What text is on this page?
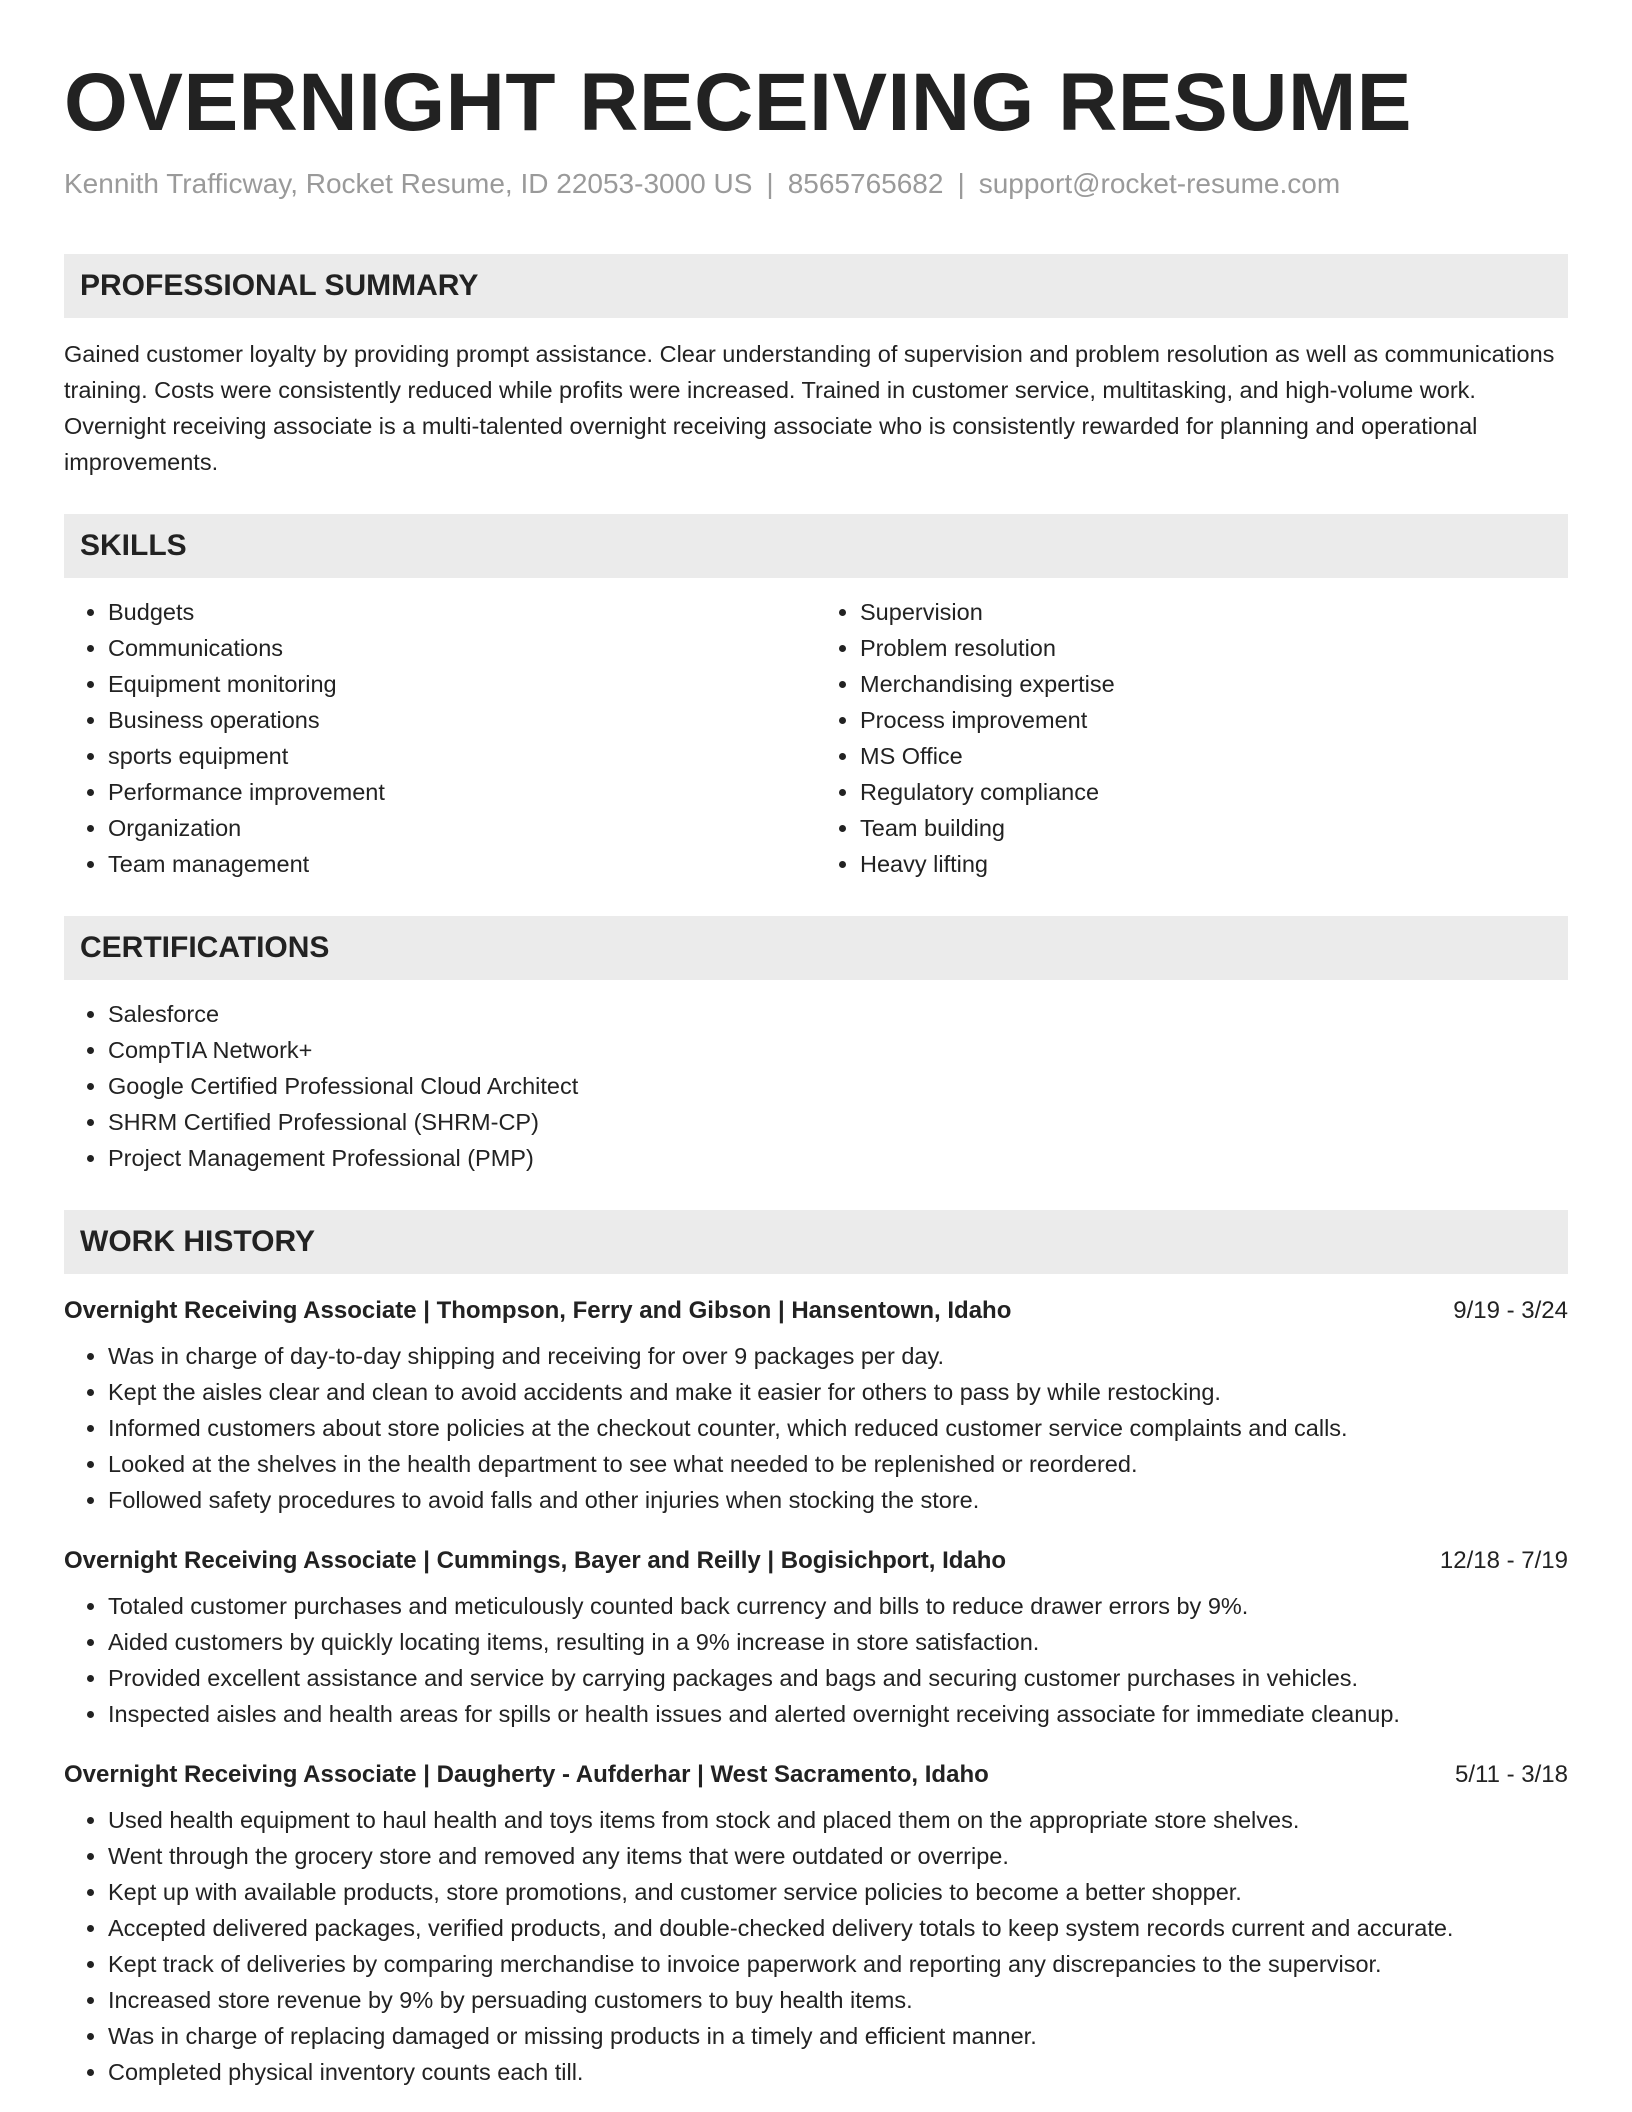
OVERNIGHT RECEIVING RESUME
Kennith Trafficway, Rocket Resume, ID 22053-3000 US | 8565765682 | support@rocket-resume.com
PROFESSIONAL SUMMARY

Gained customer loyalty by providing prompt assistance. Clear understanding of supervision and problem resolution as well as communications training. Costs were consistently reduced while profits were increased. Trained in customer service, multitasking, and high-volume work. Overnight receiving associate is a multi-talented overnight receiving associate who is consistently rewarded for planning and operational improvements.

SKILLS
• Budgets
• Communications
• Equipment monitoring
• Business operations
• sports equipment
• Performance improvement
• Organization
• Team management
• Supervision
• Problem resolution
• Merchandising expertise
• Process improvement
• MS Office
• Regulatory compliance
• Team building
• Heavy lifting
CERTIFICATIONS
• Salesforce
• CompTIA Network+
• Google Certified Professional Cloud Architect
• SHRM Certified Professional (SHRM-CP)
• Project Management Professional (PMP)
WORK HISTORY
Overnight Receiving Associate | Thompson, Ferry and Gibson | Hansentown, Idaho	9/19 - 3/24
• Was in charge of day-to-day shipping and receiving for over 9 packages per day.
• Kept the aisles clear and clean to avoid accidents and make it easier for others to pass by while restocking.
• Informed customers about store policies at the checkout counter, which reduced customer service complaints and calls.
• Looked at the shelves in the health department to see what needed to be replenished or reordered.
• Followed safety procedures to avoid falls and other injuries when stocking the store.
Overnight Receiving Associate | Cummings, Bayer and Reilly | Bogisichport, Idaho	12/18 - 7/19
• Totaled customer purchases and meticulously counted back currency and bills to reduce drawer errors by 9%.
• Aided customers by quickly locating items, resulting in a 9% increase in store satisfaction.
• Provided excellent assistance and service by carrying packages and bags and securing customer purchases in vehicles.
• Inspected aisles and health areas for spills or health issues and alerted overnight receiving associate for immediate cleanup.
Overnight Receiving Associate | Daugherty - Aufderhar | West Sacramento, Idaho	5/11 - 3/18
• Used health equipment to haul health and toys items from stock and placed them on the appropriate store shelves.
• Went through the grocery store and removed any items that were outdated or overripe.
• Kept up with available products, store promotions, and customer service policies to become a better shopper.
• Accepted delivered packages, verified products, and double-checked delivery totals to keep system records current and accurate.
• Kept track of deliveries by comparing merchandise to invoice paperwork and reporting any discrepancies to the supervisor.
• Increased store revenue by 9% by persuading customers to buy health items.
• Was in charge of replacing damaged or missing products in a timely and efficient manner.
• Completed physical inventory counts each till.
